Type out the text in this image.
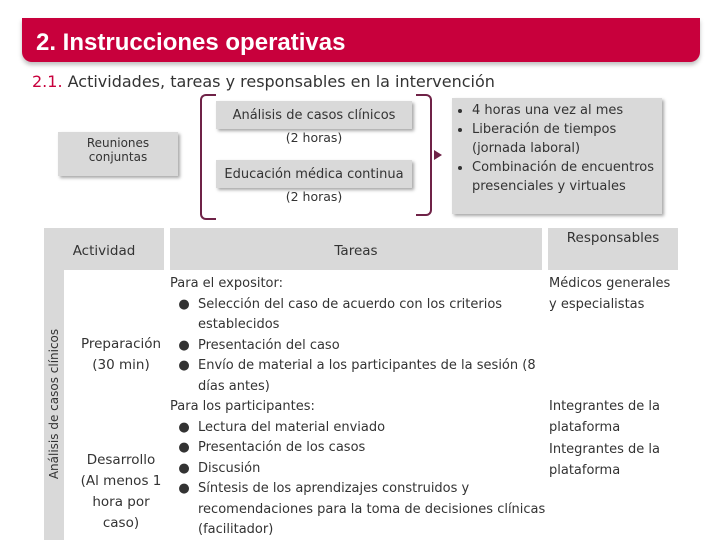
2. Instrucciones operativas
2.1. Actividades, tareas y responsables en la intervención
Reuniones
conjuntas
Análisis de casos clínicos
(2 horas)
Educación médica continua
(2 horas)
• 4 horas una vez al mes
• Liberación de tiempos (jornada laboral)
• Combinación de encuentros presenciales y virtuales
Actividad	Tareas
Responsables
Análisis de casos clínicos	Preparación
(30 min)
Desarrollo
(Al menos 1
hora por
caso)
Para el expositor:
● Selección del caso de acuerdo con los criterios establecidos
● Presentación del caso
● Envío de material a los participantes de la sesión (8 días antes)
Para los participantes:
● Lectura del material enviado
● Presentación de los casos
● Discusión
● Síntesis de los aprendizajes construidos y recomendaciones para la toma de decisiones clínicas (facilitador)
Médicos generales y especialistas
Integrantes de la plataforma
Integrantes de la plataforma
